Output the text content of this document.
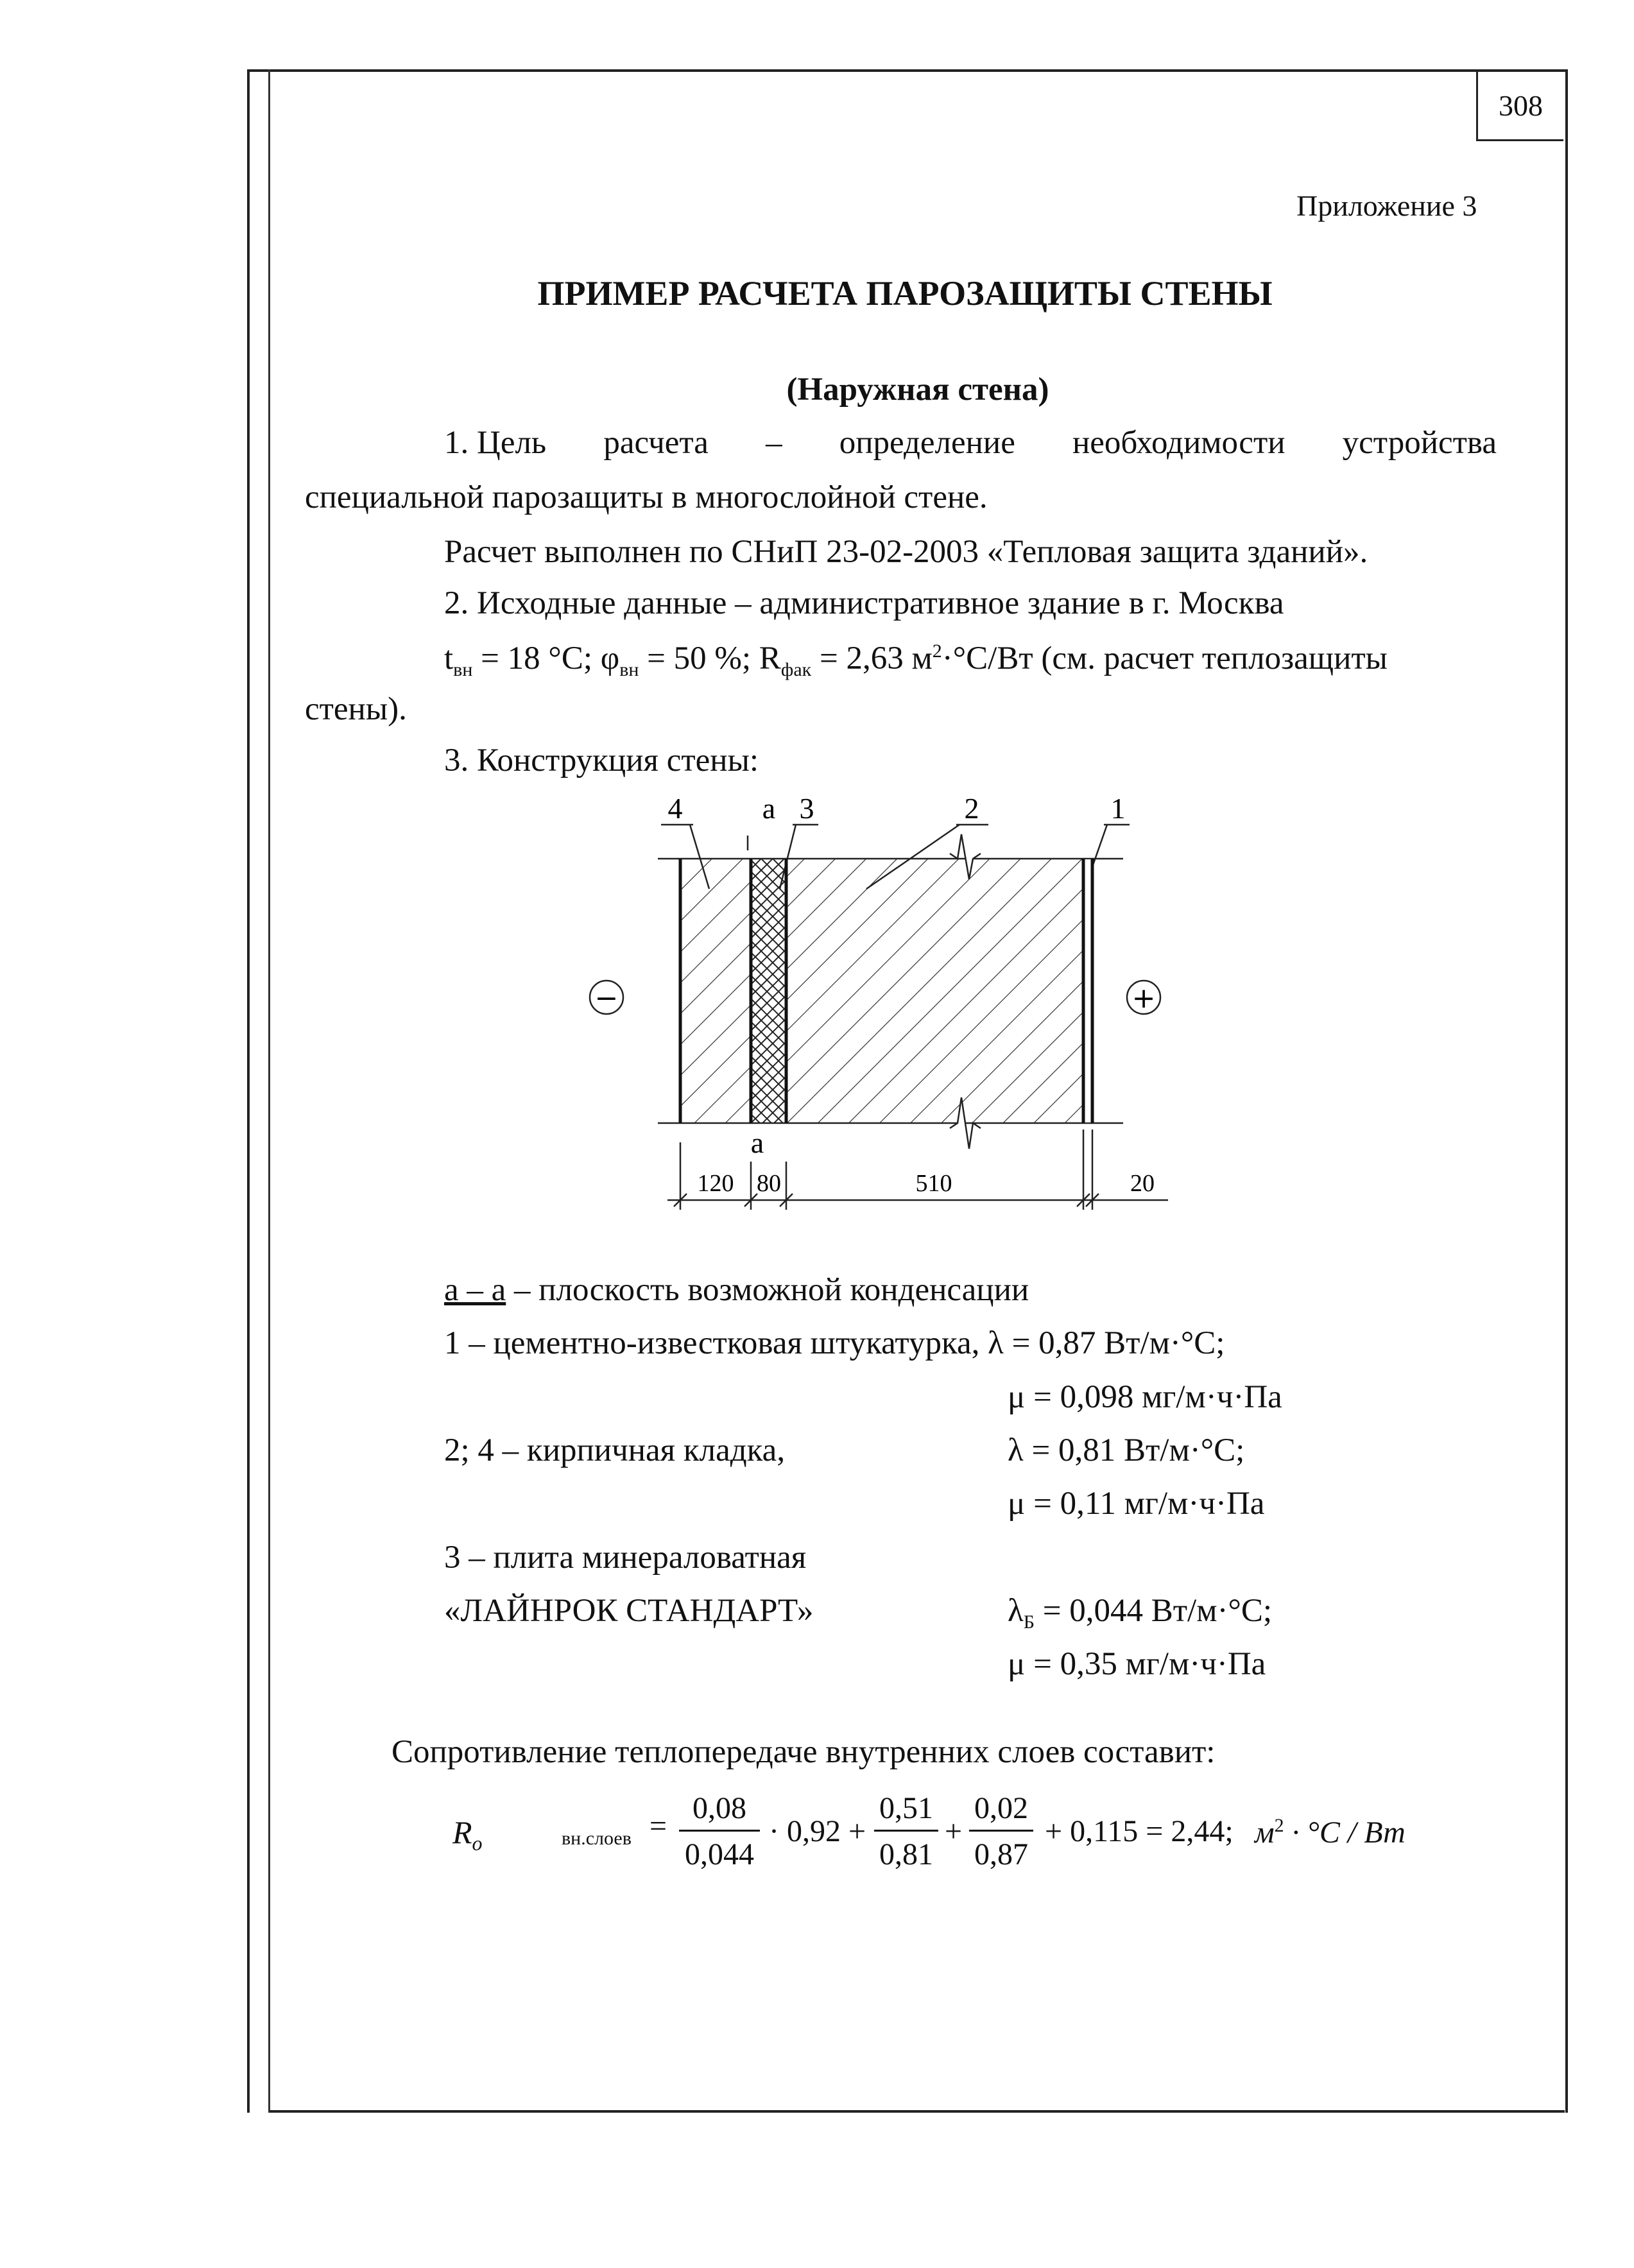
308
Приложение 3
ПРИМЕР РАСЧЕТА ПАРОЗАЩИТЫ СТЕНЫ
(Наружная стена)
1. Цель расчета – определение необходимости устройства
специальной парозащиты в многослойной стене.
Расчет выполнен по СНиП 23-02-2003 «Тепловая защита зданий».
2. Исходные данные – административное здание в г. Москва
$t_{вн} = 18$ °С; $\varphi_{вн} = 50$ %; $R_{фак} = 2,63$ $м^2\cdot^\circ С/Вт$ (см. расчет теплозащиты
стены).
3. Конструкция стены:
4	а 3	2	1
а
−	+
120 80	510	20
а – а – плоскость возможной конденсации
1 – цементно-известковая штукатурка, λ = 0,87 Вт/м·°С;
μ = 0,098 мг/м·ч·Па
2; 4 – кирпичная кладка,	λ = 0,81 Вт/м·°С;
μ = 0,11 мг/м·ч·Па
3 – плита минераловатная
«ЛАЙНРОК СТАНДАРТ»	$\lambda_Б = 0,044$ Вт/м·°С;
μ = 0,35 мг/м·ч·Па
Сопротивление теплопередаче внутренних слоев составит:
$R_o$	вн.слоев = $\frac{0,08}{0,044} \cdot 0,92 + \frac{0,51}{0,81} + \frac{0,02}{0,87} + 0,115 = 2,44$; $м^2 \cdot ^\circ С$ / Вт
